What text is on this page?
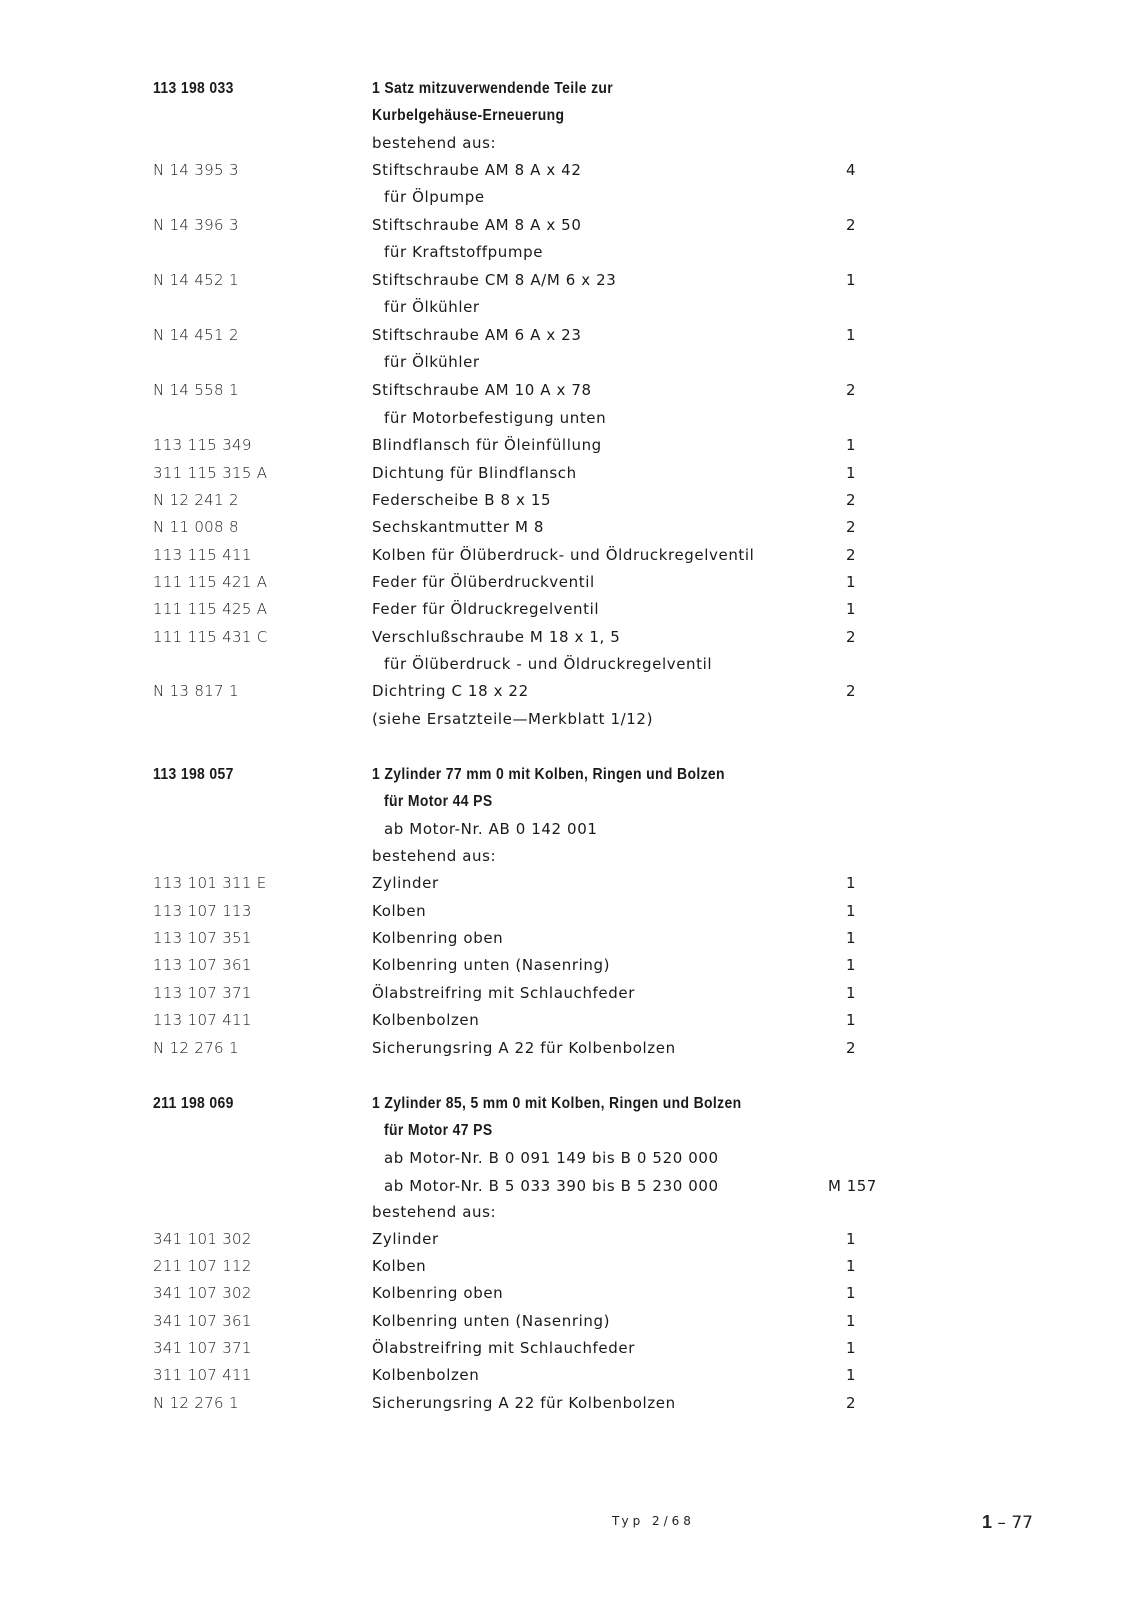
113 198 033	1 Satz mitzuverwendende Teile zur
Kurbelgehäuse-Erneuerung
bestehend aus:
N 14 395 3	Stiftschraube AM 8 A x 42	4
für Ölpumpe
N 14 396 3	Stiftschraube AM 8 A x 50	2
für Kraftstoffpumpe
N 14 452 1	Stiftschraube CM 8 A/M 6 x 23	1
für Ölkühler
N 14 451 2	Stiftschraube AM 6 A x 23	1
für Ölkühler
N 14 558 1	Stiftschraube AM 10 A x 78	2
für Motorbefestigung unten
113 115 349	Blindflansch für Öleinfüllung	1
311 115 315 A	Dichtung für Blindflansch	1
N 12 241 2	Federscheibe B 8 x 15	2
N 11 008 8	Sechskantmutter M 8	2
113 115 411	Kolben für Ölüberdruck- und Öldruckregelventil	2
111 115 421 A	Feder für Ölüberdruckventil	1
111 115 425 A	Feder für Öldruckregelventil	1
111 115 431 C	Verschlußschraube M 18 x 1, 5	2
für Ölüberdruck - und Öldruckregelventil
N 13 817 1	Dichtring C 18 x 22	2
(siehe Ersatzteile—Merkblatt 1/12)
113 198 057	1 Zylinder 77 mm 0 mit Kolben, Ringen und Bolzen
für Motor 44 PS
ab Motor-Nr. AB 0 142 001
bestehend aus:
113 101 311 E	Zylinder	1
113 107 113	Kolben	1
113 107 351	Kolbenring oben	1
113 107 361	Kolbenring unten (Nasenring)	1
113 107 371	Ölabstreifring mit Schlauchfeder	1
113 107 411	Kolbenbolzen	1
N 12 276 1	Sicherungsring A 22 für Kolbenbolzen	2
211 198 069	1 Zylinder 85, 5 mm 0 mit Kolben, Ringen und Bolzen
für Motor 47 PS
ab Motor-Nr. B 0 091 149 bis B 0 520 000
ab Motor-Nr. B 5 033 390 bis B 5 230 000	M 157
bestehend aus:
341 101 302	Zylinder	1
211 107 112	Kolben	1
341 107 302	Kolbenring oben	1
341 107 361	Kolbenring unten (Nasenring)	1
341 107 371	Ölabstreifring mit Schlauchfeder	1
311 107 411	Kolbenbolzen	1
N 12 276 1	Sicherungsring A 22 für Kolbenbolzen	2
Typ 2/68	1 – 77
